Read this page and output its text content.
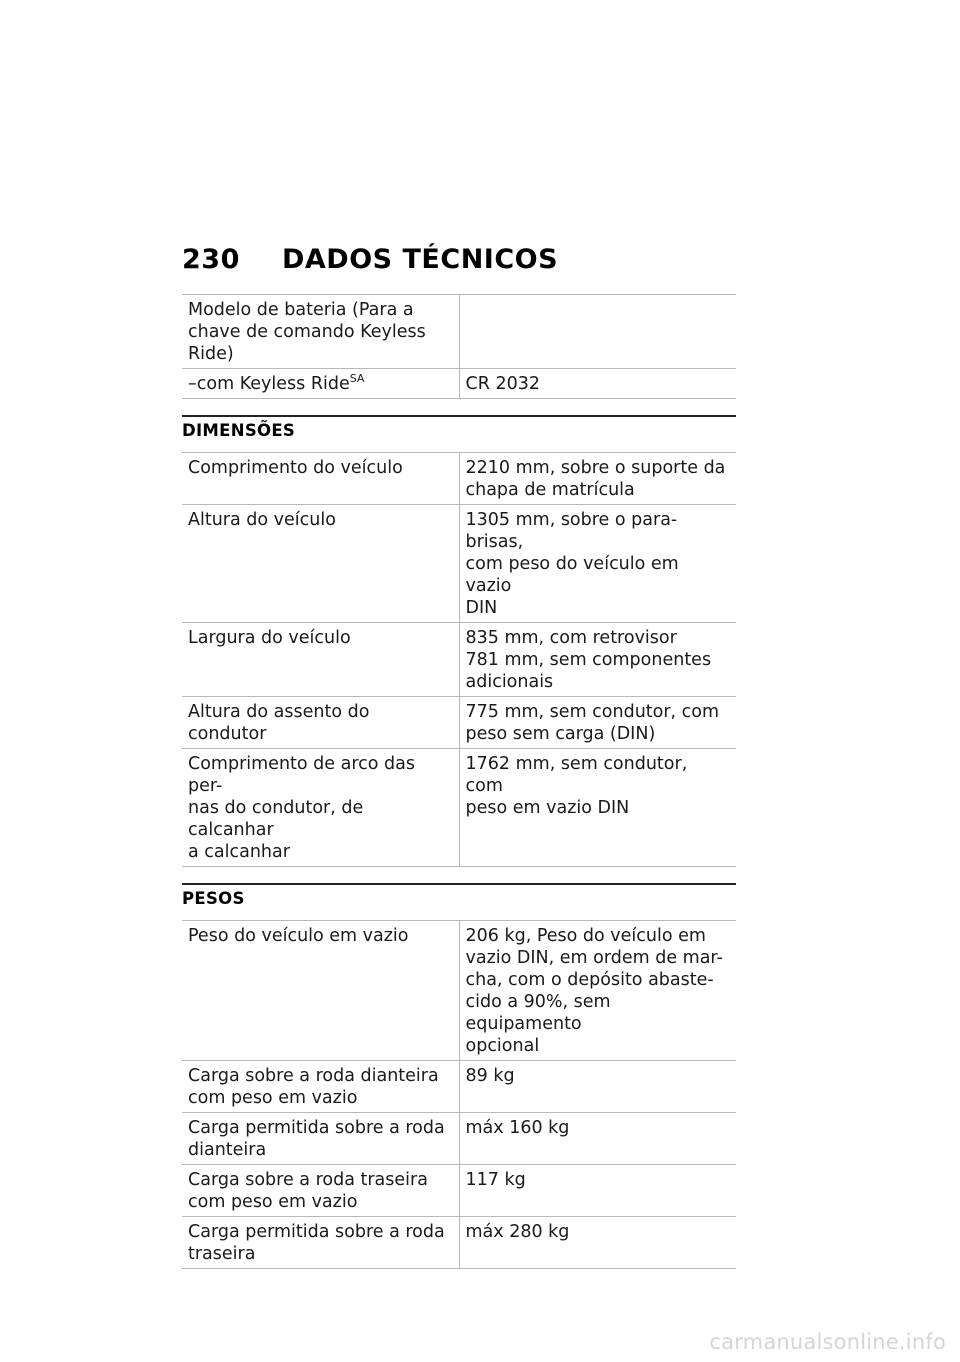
230	DADOS TÉCNICOS
Modelo de bateria (Para a
chave de comando Keyless
Ride)	

–com Keyless Ride$^{SA}$	CR 2032
DIMENSÕES
Comprimento do veículo	2210 mm, sobre o suporte da
chapa de matrícula

Altura do veículo	1305 mm, sobre o para-brisas,
com peso do veículo em vazio
DIN

Largura do veículo	835 mm, com retrovisor
781 mm, sem componentes
adicionais

Altura do assento do condutor	775 mm, sem condutor, com
peso sem carga (DIN)

Comprimento de arco das per-
nas do condutor, de calcanhar
a calcanhar	1762 mm, sem condutor, com
peso em vazio DIN
PESOS
Peso do veículo em vazio	206 kg, Peso do veículo em
vazio DIN, em ordem de mar-
cha, com o depósito abaste-
cido a 90%, sem equipamento
opcional

Carga sobre a roda dianteira
com peso em vazio	89 kg

Carga permitida sobre a roda
dianteira	máx 160 kg

Carga sobre a roda traseira
com peso em vazio	117 kg

Carga permitida sobre a roda
traseira	máx 280 kg
carmanualsonline.info
